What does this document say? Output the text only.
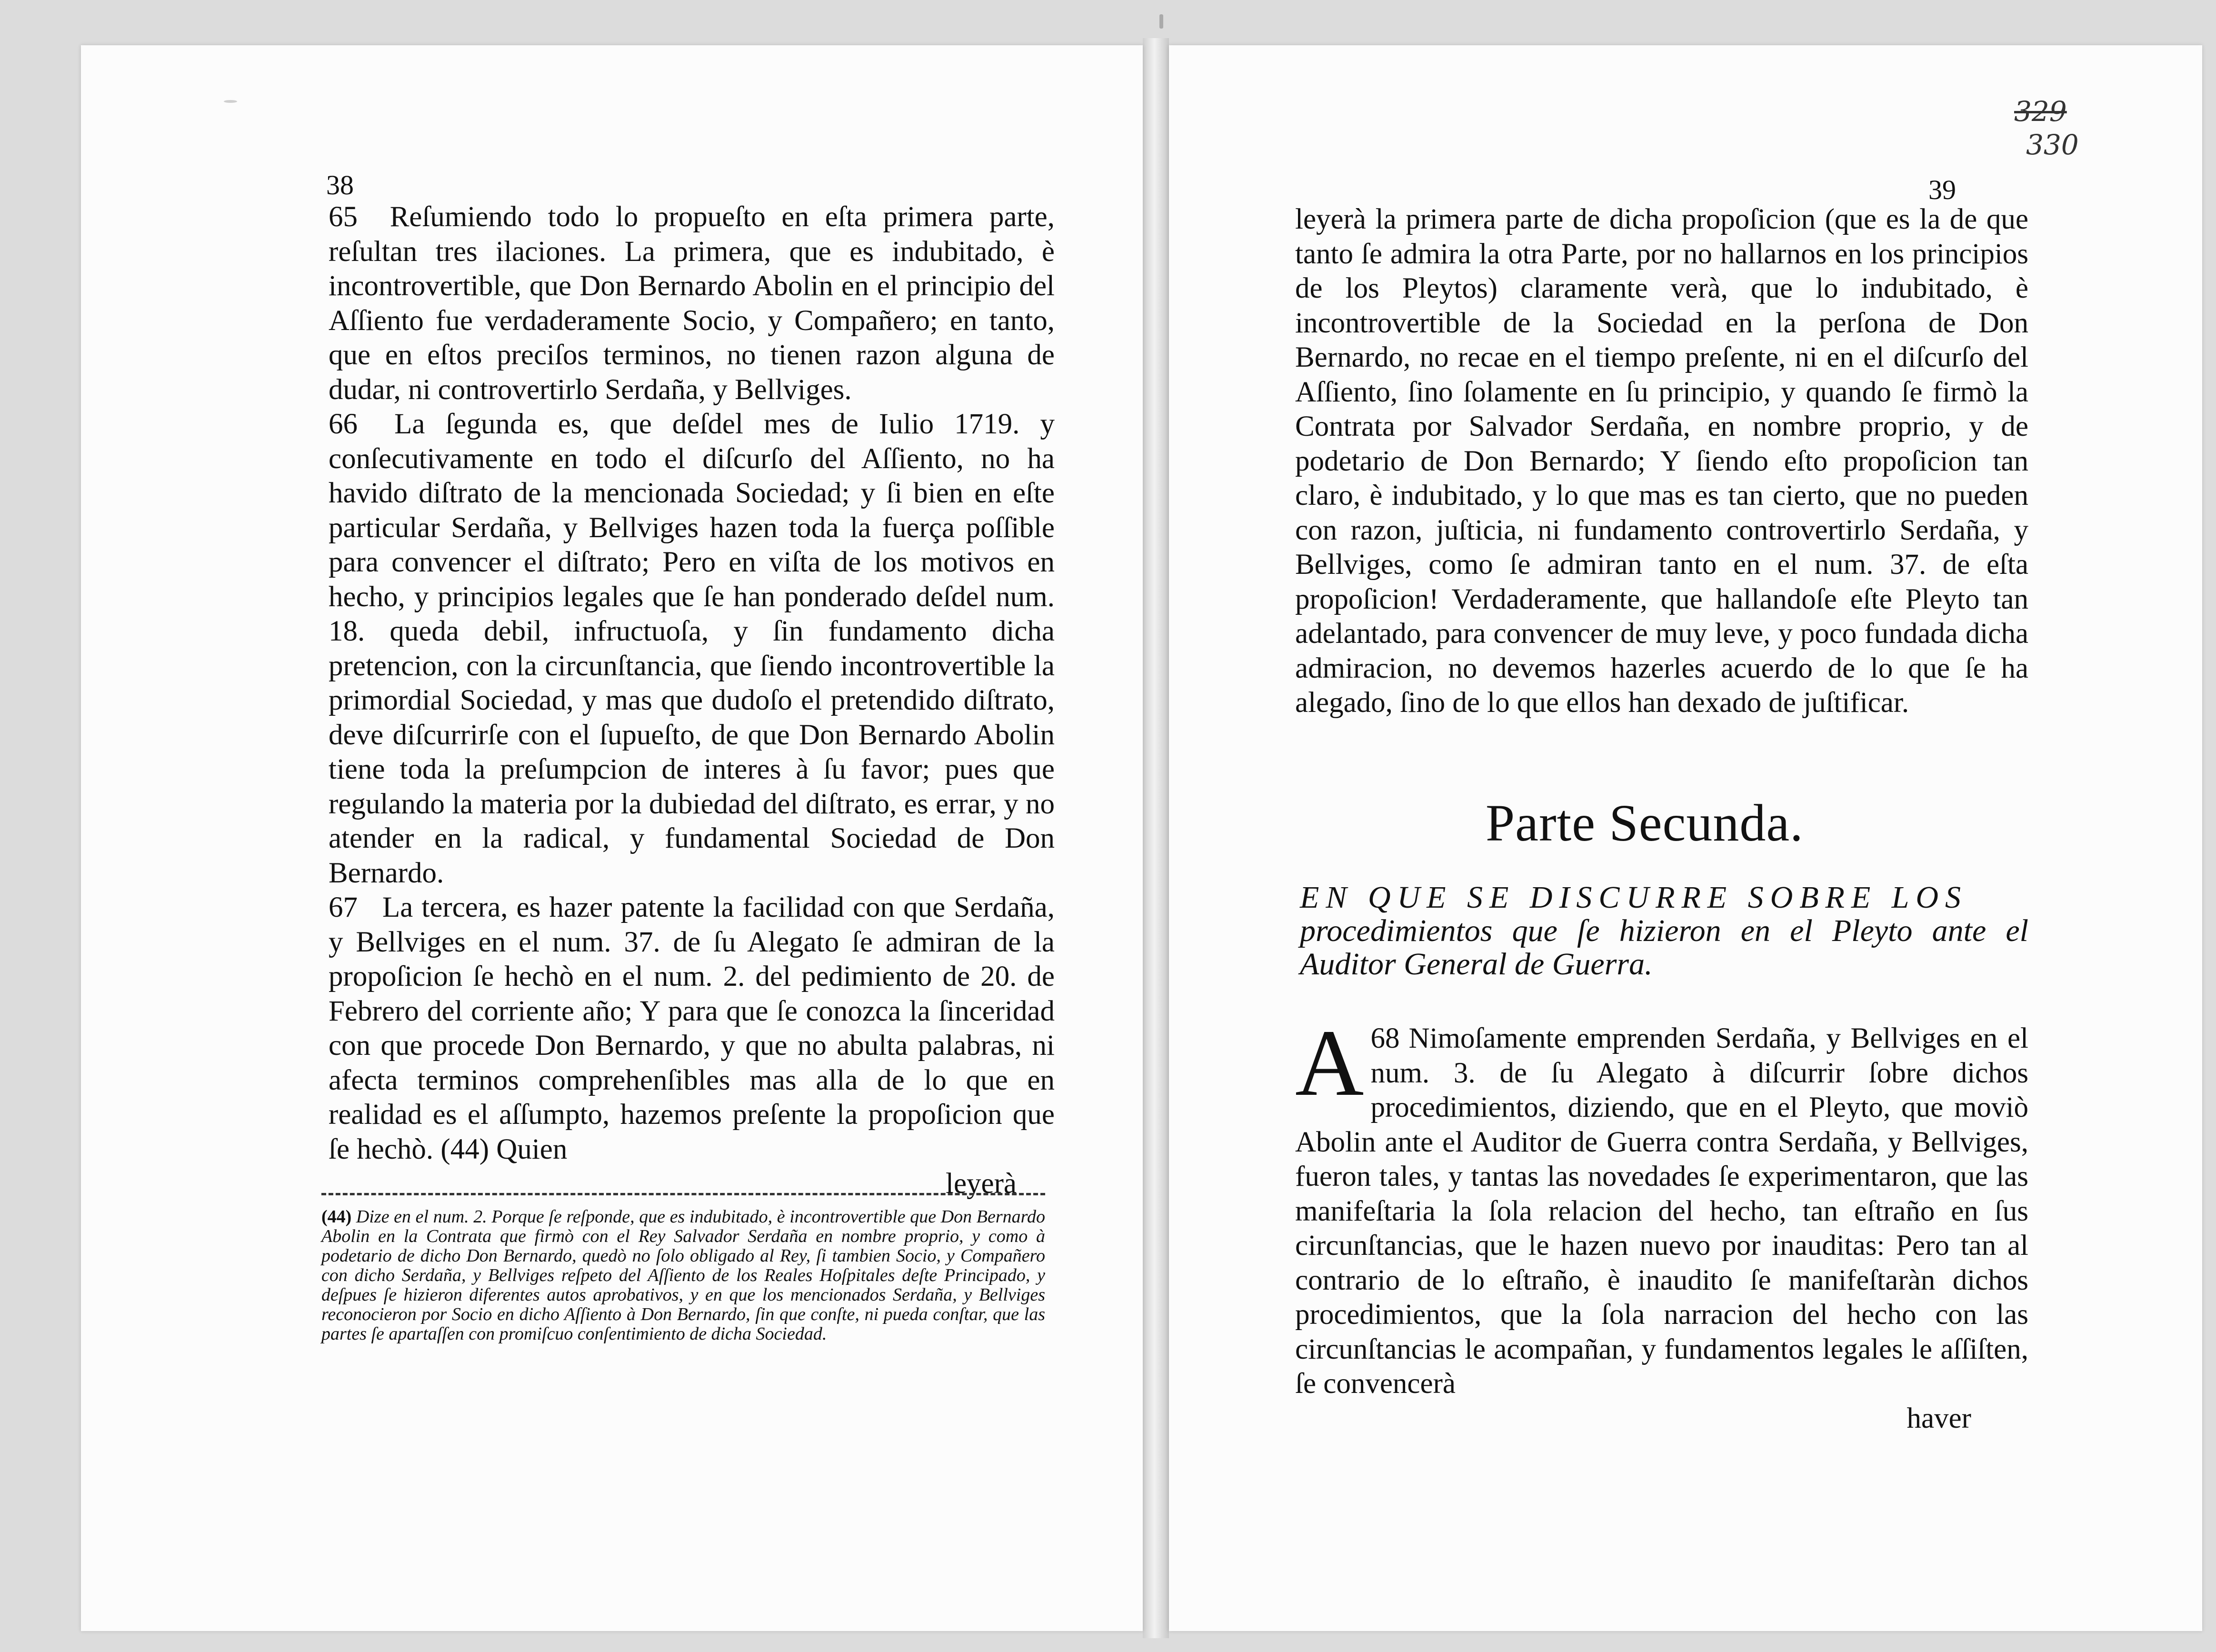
38

65 Reſumiendo todo lo propueſto en eſta primera parte, reſultan tres ilaciones. La primera, que es indubitado, è incontrovertible, que Don Bernardo Abolin en el principio del Aſſiento fue verdaderamente Socio, y Compañero; en tanto, que en eſtos preciſos terminos, no tienen razon alguna de dudar, ni controvertirlo Serdaña, y Bellviges.

66 La ſegunda es, que deſdel mes de Iulio 1719. y conſecutivamente en todo el diſcurſo del Aſſiento, no ha havido diſtrato de la mencionada Sociedad; y ſi bien en eſte particular Serdaña, y Bellviges hazen toda la fuerça poſſible para convencer el diſtrato; Pero en viſta de los motivos en hecho, y principios legales que ſe han ponderado deſdel num. 18. queda debil, infructuoſa, y ſin fundamento dicha pretencion, con la circunſtancia, que ſiendo incontrovertible la primordial Sociedad, y mas que dudoſo el pretendido diſtrato, deve diſcurrirſe con el ſupueſto, de que Don Bernardo Abolin tiene toda la preſumpcion de interes à ſu favor; pues que regulando la materia por la dubiedad del diſtrato, es errar, y no atender en la radical, y fundamental Sociedad de Don Bernardo.

67 La tercera, es hazer patente la facilidad con que Serdaña, y Bellviges en el num. 37. de ſu Alegato ſe admiran de la propoſicion ſe hechò en el num. 2. del pedimiento de 20. de Febrero del corriente año; Y para que ſe conozca la ſinceridad con que procede Don Bernardo, y que no abulta palabras, ni afecta terminos comprehenſibles mas alla de lo que en realidad es el aſſumpto, hazemos preſente la propoſicion que ſe hechò. (44) Quien

leyerà

(44) Dize en el num. 2. Porque ſe reſponde, que es indubitado, è incontrovertible que Don Bernardo Abolin en la Contrata que firmò con el Rey Salvador Serdaña en nombre proprio, y como à podetario de dicho Don Bernardo, quedò no ſolo obligado al Rey, ſi tambien Socio, y Compañero con dicho Serdaña, y Bellviges reſpeto del Aſſiento de los Reales Hoſpitales deſte Principado, y deſpues ſe hizieron diferentes autos aprobativos, y en que los mencionados Serdaña, y Bellviges reconocieron por Socio en dicho Aſſiento à Don Bernardo, ſin que conſte, ni pueda conſtar, que las partes ſe apartaſſen con promiſcuo conſentimiento de dicha Sociedad.

329
330
39

leyerà la primera parte de dicha propoſicion (que es la de que tanto ſe admira la otra Parte, por no hallarnos en los principios de los Pleytos) claramente verà, que lo indubitado, è incontrovertible de la Sociedad en la perſona de Don Bernardo, no recae en el tiempo preſente, ni en el diſcurſo del Aſſiento, ſino ſolamente en ſu principio, y quando ſe firmò la Contrata por Salvador Serdaña, en nombre proprio, y de podetario de Don Bernardo; Y ſiendo eſto propoſicion tan claro, è indubitado, y lo que mas es tan cierto, que no pueden con razon, juſticia, ni fundamento controvertirlo Serdaña, y Bellviges, como ſe admiran tanto en el num. 37. de eſta propoſicion! Verdaderamente, que hallandoſe eſte Pleyto tan adelantado, para convencer de muy leve, y poco fundada dicha admiracion, no devemos hazerles acuerdo de lo que ſe ha alegado, ſino de lo que ellos han dexado de juſtificar.

Parte Secunda.
EN QUE SE DISCURRE SOBRE LOS
procedimientos que ſe hizieron en el Pleyto ante el Auditor General de Guerra.

68
A Nimoſamente emprenden Serdaña, y Bellviges en el num. 3. de ſu Alegato à diſcurrir ſobre dichos procedimientos, diziendo, que en el Pleyto, que moviò Abolin ante el Auditor de Guerra contra Serdaña, y Bellviges, fueron tales, y tantas las novedades ſe experimentaron, que las manifeſtaria la ſola relacion del hecho, tan eſtraño en ſus circunſtancias, que le hazen nuevo por inauditas: Pero tan al contrario de lo eſtraño, è inaudito ſe manifeſtaràn dichos procedimientos, que la ſola narracion del hecho con las circunſtancias le acompañan, y fundamentos legales le aſſiſten, ſe convencerà

haver
